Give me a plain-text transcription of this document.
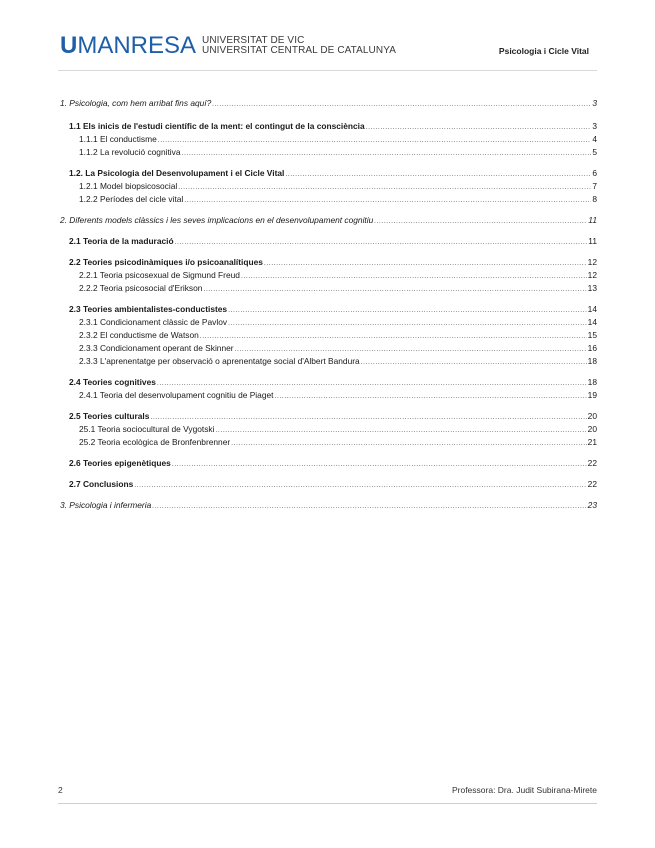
U MANRESA UNIVERSITAT DE VIC
UNIVERSITAT CENTRAL DE CATALUNYA	Psicologia i Cicle Vital
1. Psicologia, com hem arribat fins aquí? .....	3
1.1 Els inicis de l'estudi científic de la ment: el contingut de la consciència .....	3
1.1.1 El conductisme .....	4
1.1.2 La revolució cognitiva .....	5
1.2. La Psicologia del Desenvolupament i el Cicle Vital .....	6
1.2.1 Model biopsicosocial .....	7
1.2.2 Períodes del cicle vital .....	8
2. Diferents models clàssics i les seves implicacions en el desenvolupament cognitiu .....	11
2.1 Teoria de la maduració .....	11
2.2 Teories psicodinàmiques i/o psicoanalítiques .....	12
2.2.1 Teoria psicosexual de Sigmund Freud .....	12
2.2.2 Teoria psicosocial d'Erikson .....	13
2.3 Teories ambientalistes-conductistes .....	14
2.3.1 Condicionament clàssic de Pavlov .....	14
2.3.2 El conductisme de Watson .....	15
2.3.3 Condicionament operant de Skinner .....	16
2.3.3 L'aprenentatge per observació o aprenentatge social d'Albert Bandura .....	18
2.4 Teories cognitives .....	18
2.4.1 Teoria del desenvolupament cognitiu de Piaget .....	19
2.5 Teories culturals .....	20
25.1 Teoria sociocultural de Vygotski .....	20
25.2 Teoria ecològica de Bronfenbrenner .....	21
2.6 Teories epigenètiques .....	22
2.7 Conclusions .....	22
3. Psicologia i infermeria .....	23
2	Professora: Dra. Judit Subirana-Mirete
